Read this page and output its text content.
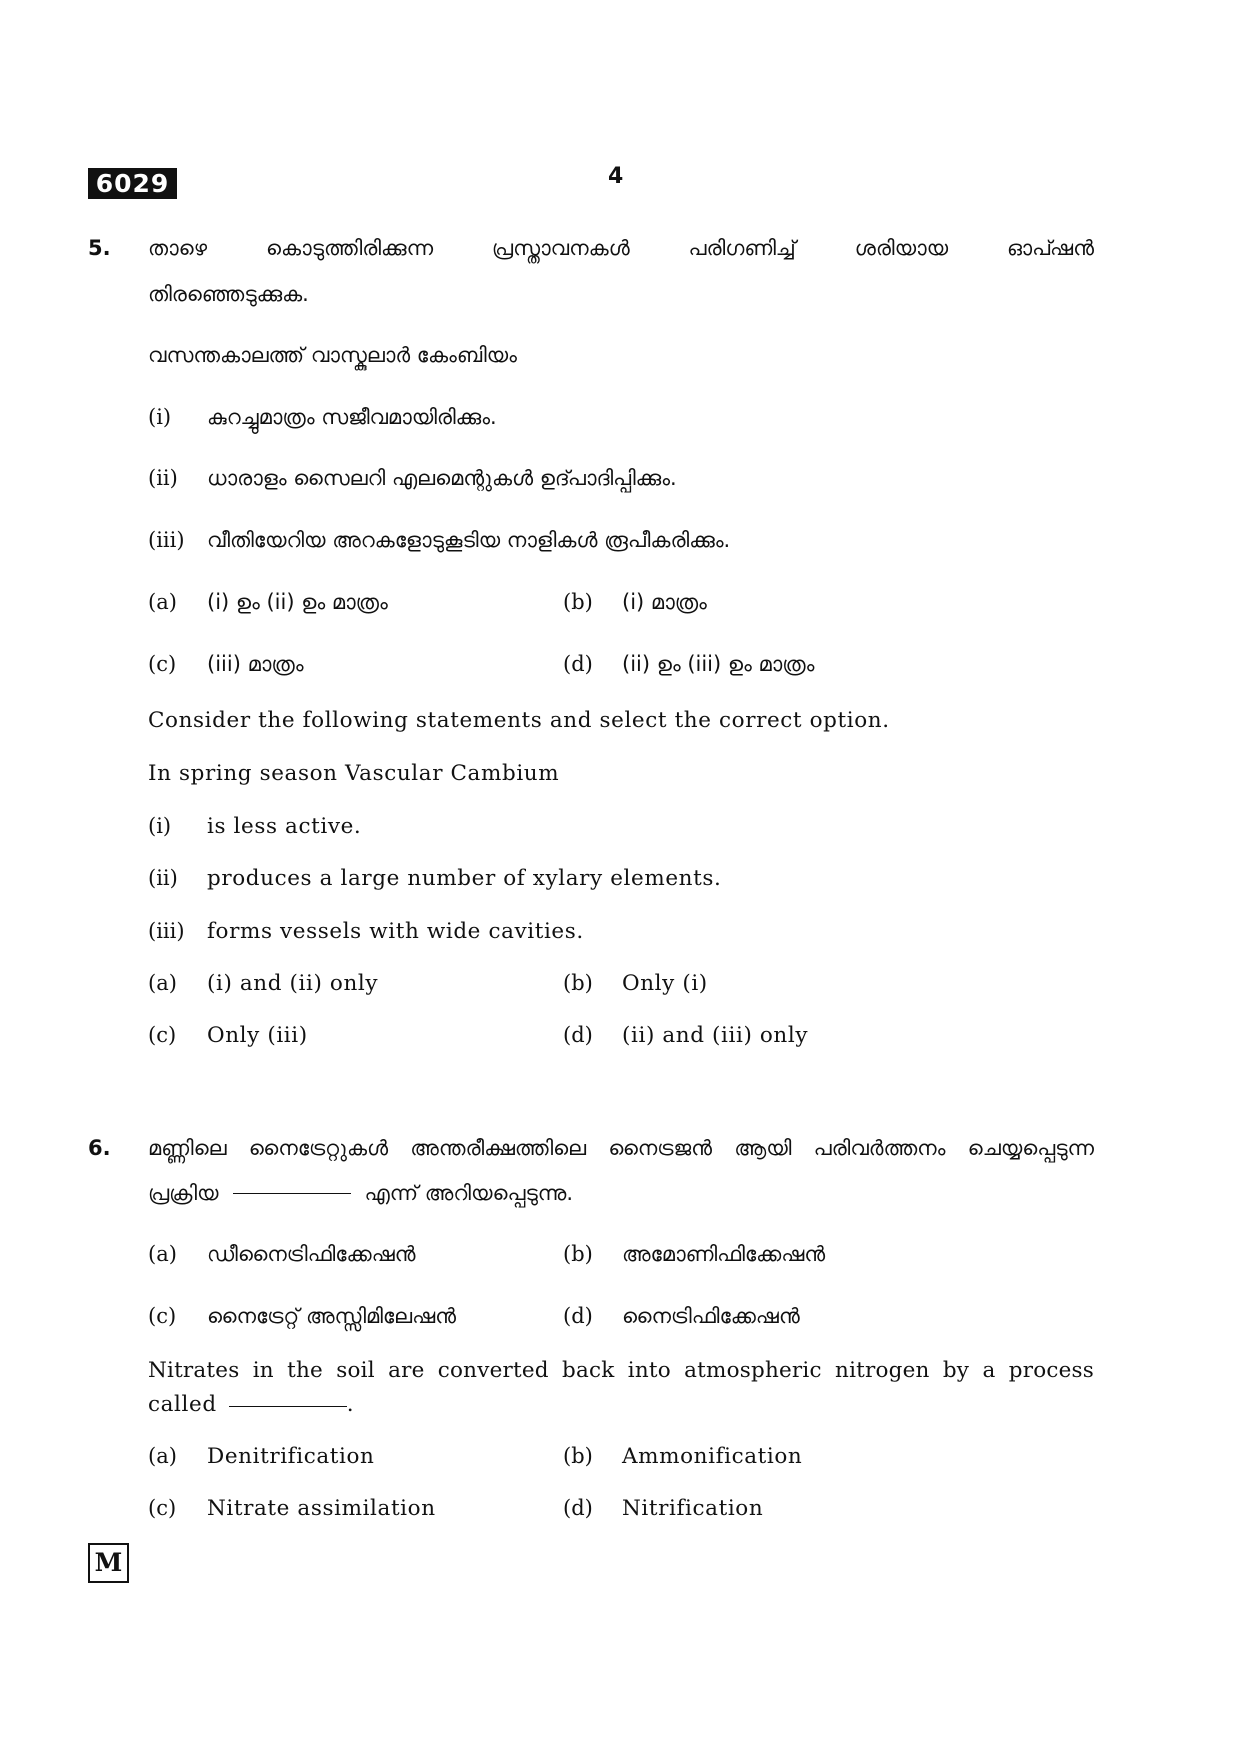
6029	4
5. താഴെ	കൊടുത്തിരിക്കുന്ന	പ്രസ്താവനകൾ	പരിഗണിച്ച്	ശരിയായ	ഓപ്ഷൻ
തിരഞ്ഞെടുക്കുക.
വസന്തകാലത്ത് വാസ്കുലാർ കേംബിയം
(i) കുറച്ചുമാത്രം സജീവമായിരിക്കും.
(ii) ധാരാളം സൈലറി എലമെന്റുകൾ ഉദ്പാദിപ്പിക്കും.
(iii) വീതിയേറിയ അറകളോടുകൂടിയ നാളികൾ രൂപീകരിക്കും.
(a) (i) ഉം (ii) ഉം മാത്രം	(b) (i) മാത്രം
(c) (iii) മാത്രം	(d) (ii) ഉം (iii) ഉം മാത്രം
Consider the following statements and select the correct option.
In spring season Vascular Cambium
(i) is less active.
(ii) produces a large number of xylary elements.
(iii) forms vessels with wide cavities.
(a) (i) and (ii) only	(b) Only (i)
(c) Only (iii)	(d) (ii) and (iii) only
6. മണ്ണിലെ നൈട്രേറ്റുകൾ അന്തരീക്ഷത്തിലെ നൈട്രജൻ ആയി പരിവർത്തനം ചെയ്യപ്പെടുന്ന
പ്രക്രിയ	എന്ന് അറിയപ്പെടുന്നു.
(a) ഡീനൈട്രിഫിക്കേഷൻ	(b) അമോണിഫിക്കേഷൻ
(c) നൈട്രേറ്റ് അസ്സിമിലേഷൻ	(d) നൈട്രിഫിക്കേഷൻ
Nitrates in the soil are converted back into atmospheric nitrogen by a process
called	.
(a) Denitrification	(b) Ammonification
(c) Nitrate assimilation	(d) Nitrification
M
